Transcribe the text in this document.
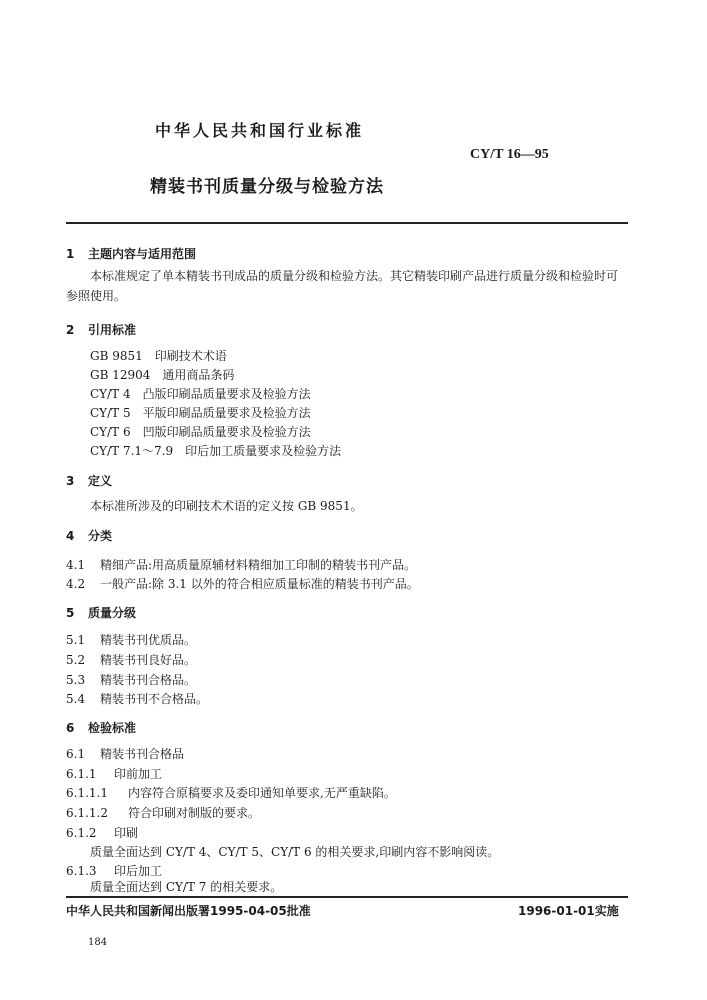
中华人民共和国行业标准
CY/T 16—95
精装书刊质量分级与检验方法
1 主题内容与适用范围
本标准规定了单本精装书刊成品的质量分级和检验方法。其它精装印刷产品进行质量分级和检验时可参照使用。
2 引用标准
GB 9851　印刷技术术语
GB 12904　通用商品条码
CY/T 4　凸版印刷品质量要求及检验方法
CY/T 5　平版印刷品质量要求及检验方法
CY/T 6　凹版印刷品质量要求及检验方法
CY/T 7.1～7.9　印后加工质量要求及检验方法
3 定义
本标准所涉及的印刷技术术语的定义按 GB 9851。
4 分类
4.1 精细产品:用高质量原辅材料精细加工印制的精装书刊产品。
4.2 一般产品:除 3.1 以外的符合相应质量标准的精装书刊产品。
5 质量分级
5.1 精装书刊优质品。
5.2 精装书刊良好品。
5.3 精装书刊合格品。
5.4 精装书刊不合格品。
6 检验标准
6.1 精装书刊合格品
6.1.1 印前加工
6.1.1.1 内容符合原稿要求及委印通知单要求,无严重缺陷。
6.1.1.2 符合印刷对制版的要求。
6.1.2 印刷
质量全面达到 CY/T 4、CY/T 5、CY/T 6 的相关要求,印刷内容不影响阅读。
6.1.3 印后加工
质量全面达到 CY/T 7 的相关要求。
中华人民共和国新闻出版署1995-04-05批准	1996-01-01实施
184
